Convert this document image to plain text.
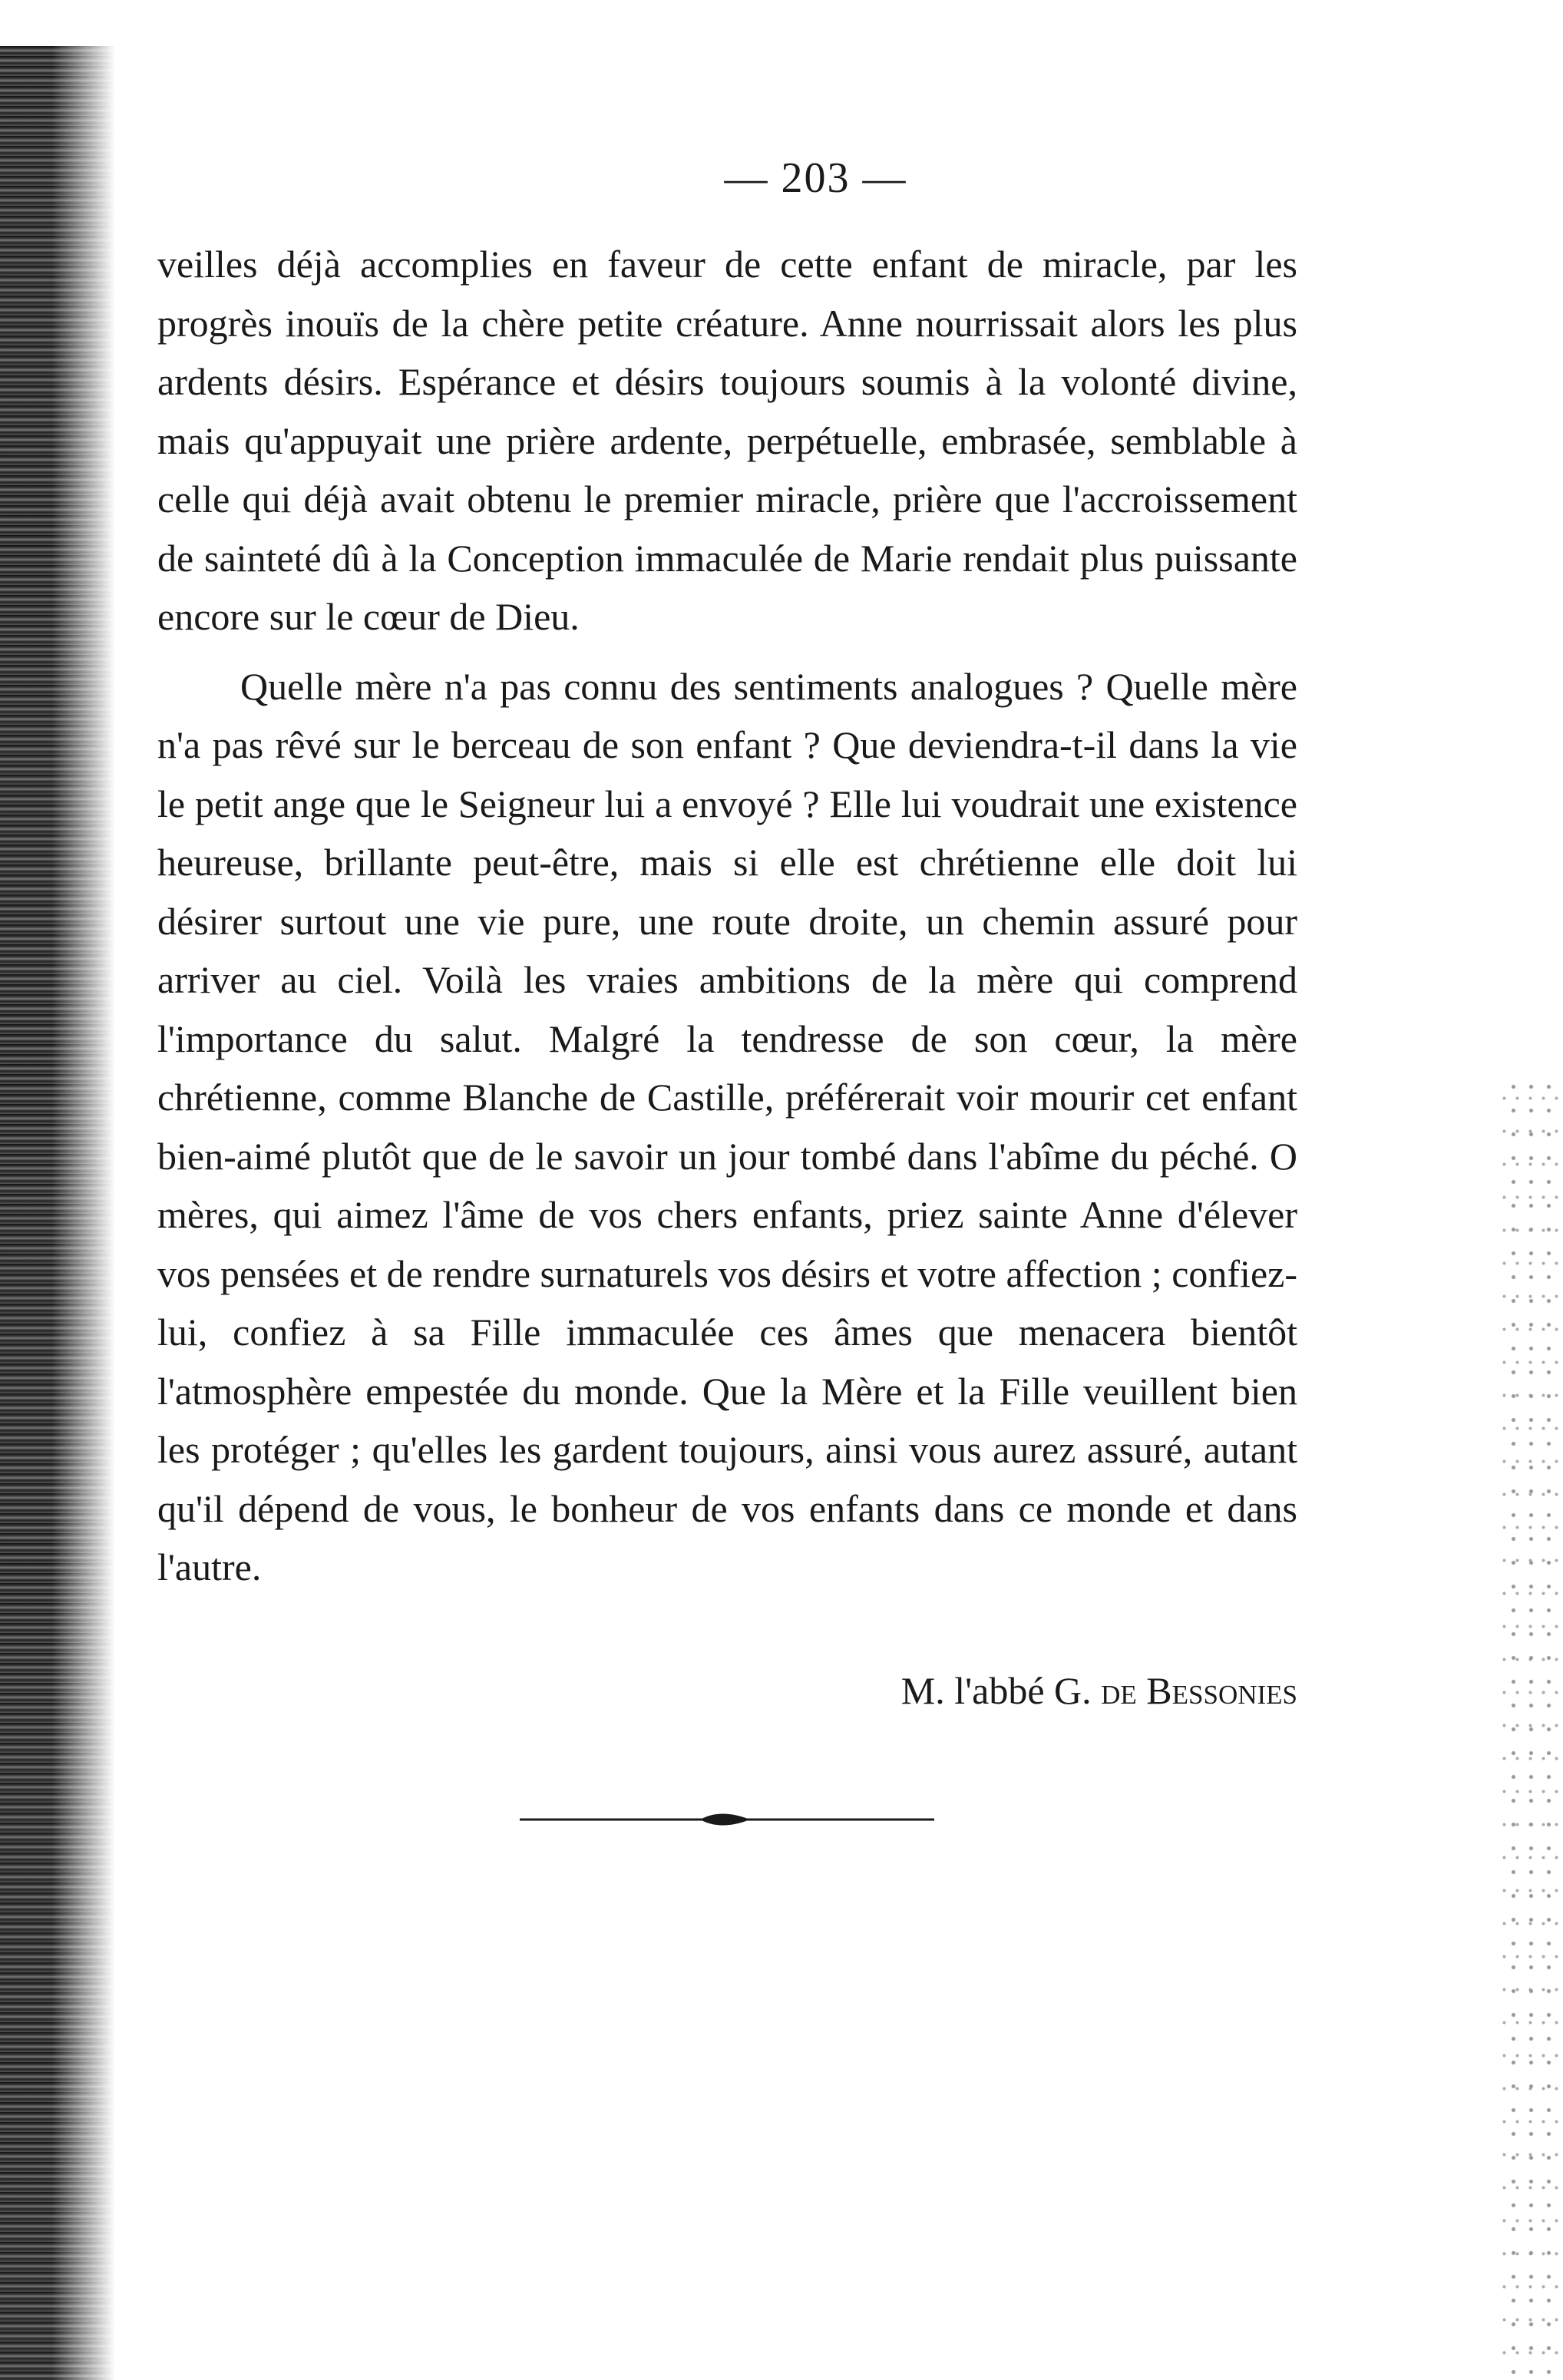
— 203 —

veilles déjà accomplies en faveur de cette enfant de miracle, par les progrès inouïs de la chère petite créature. Anne nourrissait alors les plus ardents désirs. Espérance et désirs toujours soumis à la volonté divine, mais qu'appuyait une prière ardente, perpétuelle, embrasée, semblable à celle qui déjà avait obtenu le premier miracle, prière que l'accroissement de sainteté dû à la Conception immaculée de Marie rendait plus puissante encore sur le cœur de Dieu.

Quelle mère n'a pas connu des sentiments analogues ? Quelle mère n'a pas rêvé sur le berceau de son enfant ? Que deviendra-t-il dans la vie le petit ange que le Seigneur lui a envoyé ? Elle lui voudrait une existence heureuse, brillante peut-être, mais si elle est chrétienne elle doit lui désirer surtout une vie pure, une route droite, un chemin assuré pour arriver au ciel. Voilà les vraies ambitions de la mère qui comprend l'importance du salut. Malgré la tendresse de son cœur, la mère chrétienne, comme Blanche de Castille, préférerait voir mourir cet enfant bien-aimé plutôt que de le savoir un jour tombé dans l'abîme du péché. O mères, qui aimez l'âme de vos chers enfants, priez sainte Anne d'élever vos pensées et de rendre surnaturels vos désirs et votre affection ; confiez-lui, confiez à sa Fille immaculée ces âmes que menacera bientôt l'atmosphère empestée du monde. Que la Mère et la Fille veuillent bien les protéger ; qu'elles les gardent toujours, ainsi vous aurez assuré, autant qu'il dépend de vous, le bonheur de vos enfants dans ce monde et dans l'autre.

M. l'abbé G. de Bessonies
